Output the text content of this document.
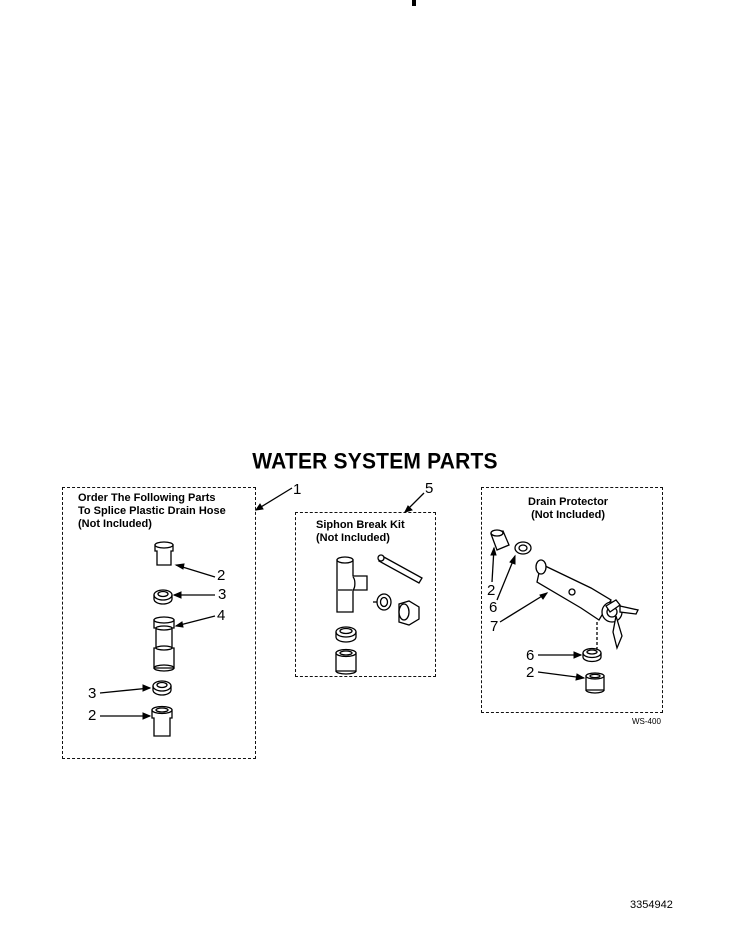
WATER SYSTEM PARTS
Order The Following Parts
To Splice Plastic Drain Hose
(Not Included)	Siphon Break Kit
(Not Included)
Drain Protector
(Not Included)
1	5
2
3
4
3
2
2
6
7
6
2
WS-400
3354942
